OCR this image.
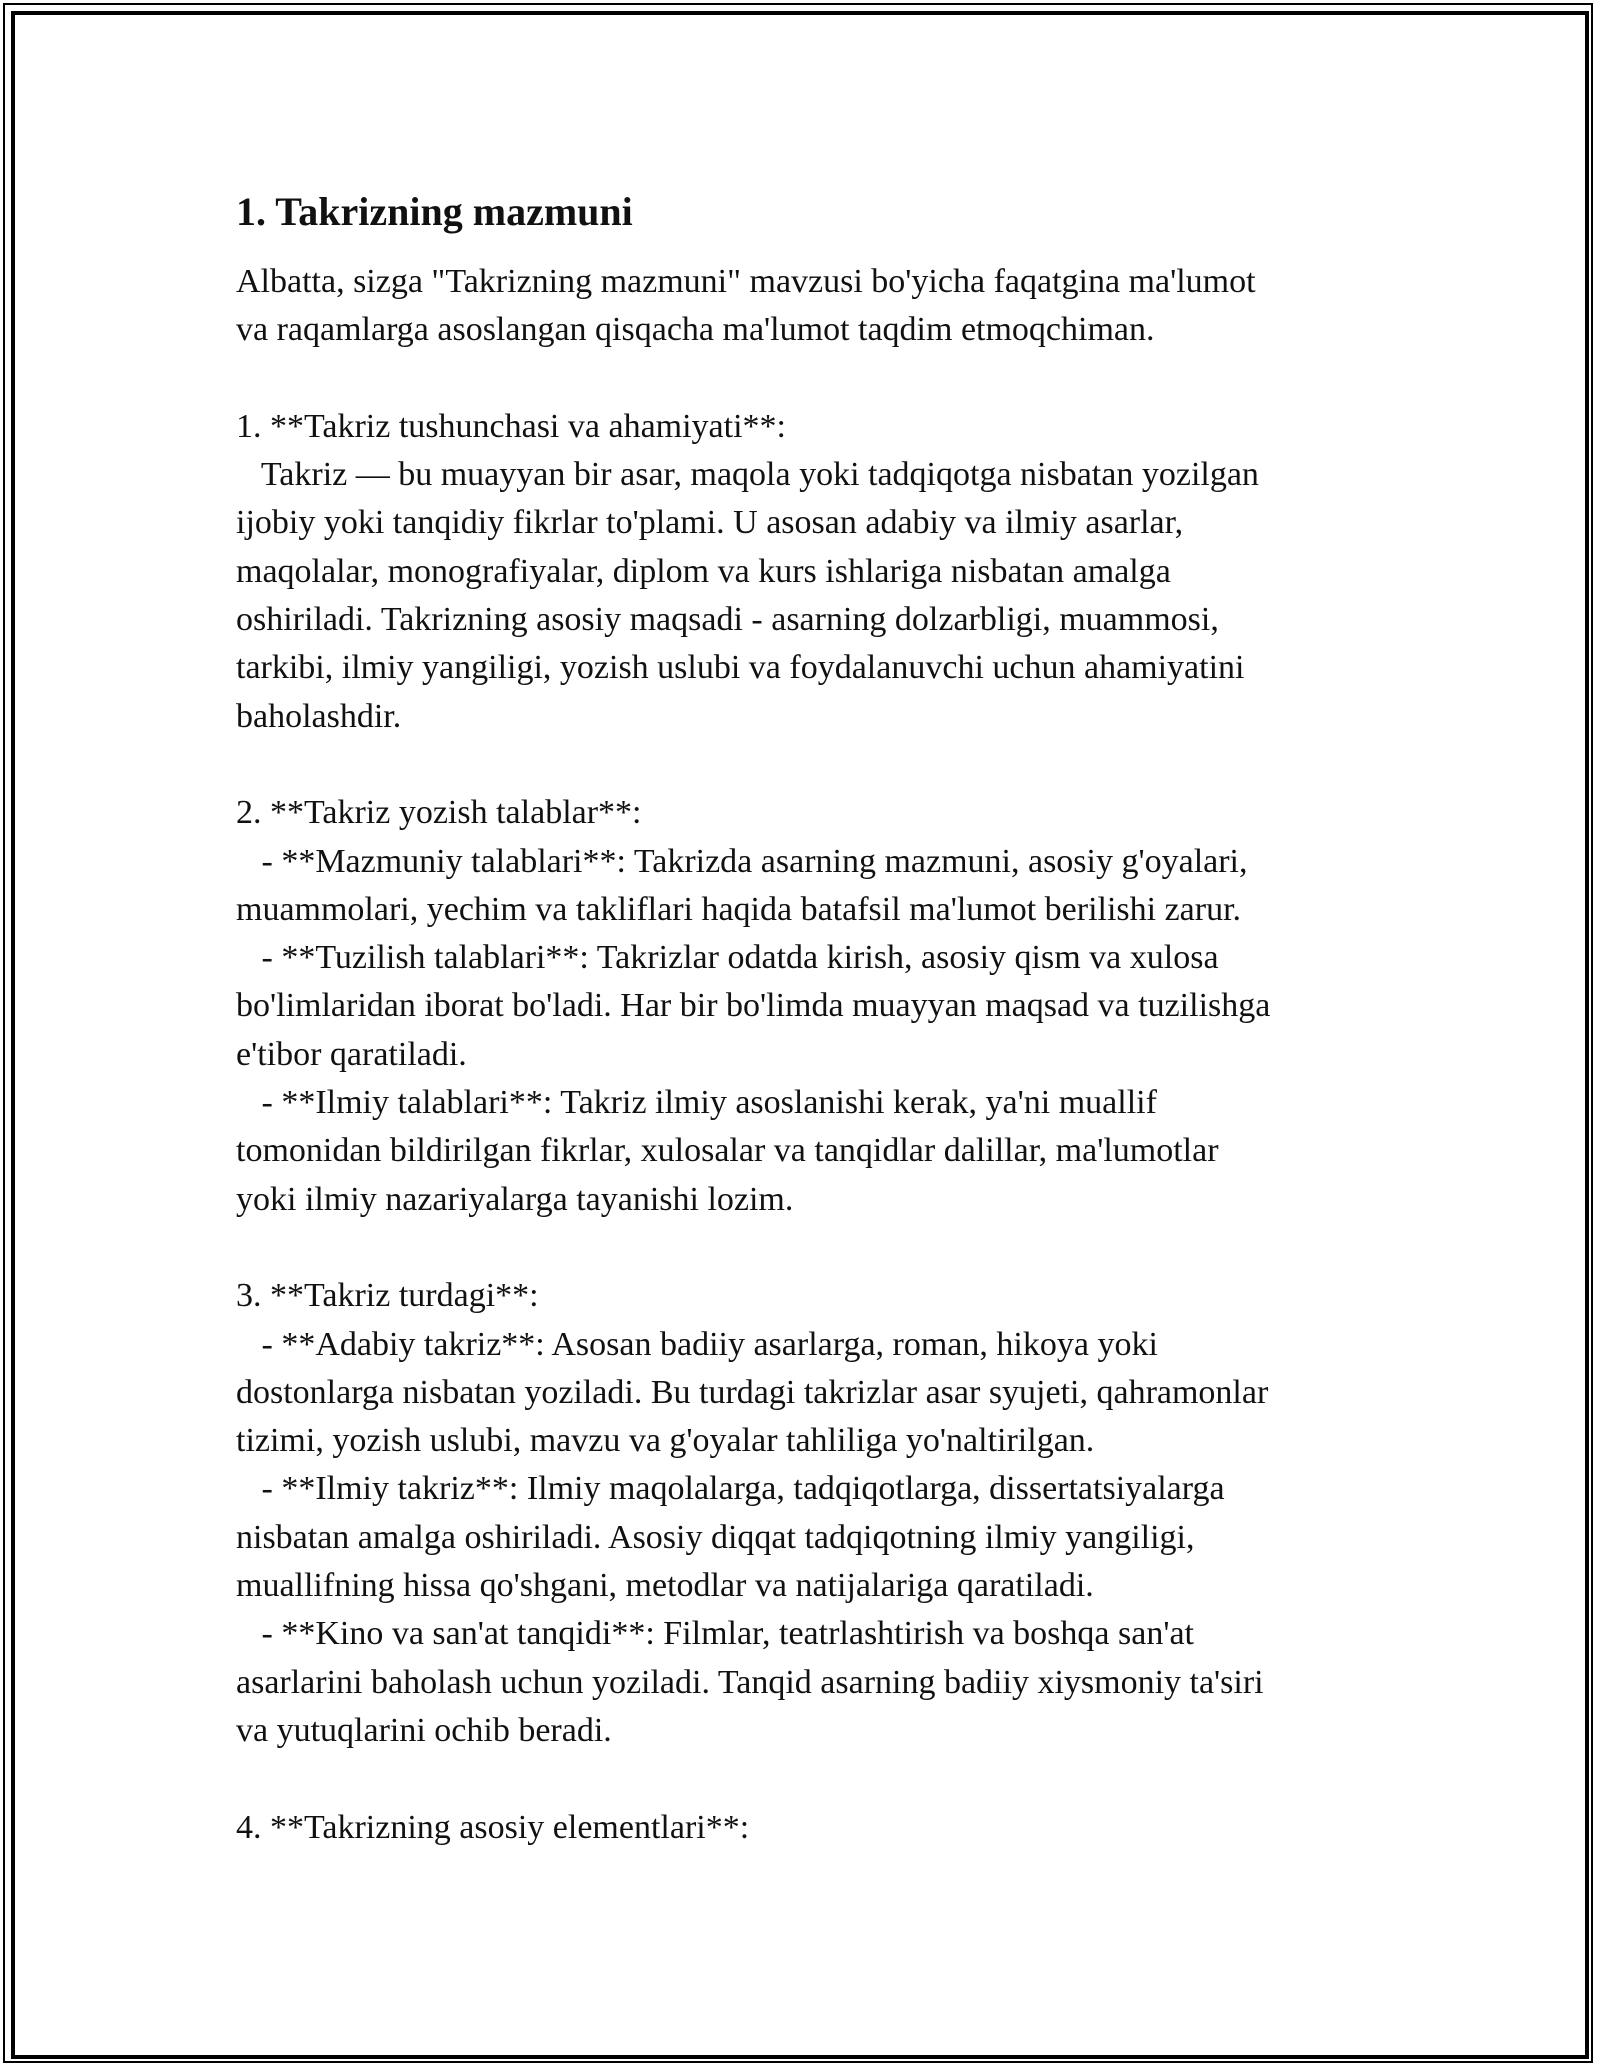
1. Takrizning mazmuni
Albatta, sizga "Takrizning mazmuni" mavzusi bo'yicha faqatgina ma'lumot
va raqamlarga asoslangan qisqacha ma'lumot taqdim etmoqchiman.
1. **Takriz tushunchasi va ahamiyati**:
Takriz — bu muayyan bir asar, maqola yoki tadqiqotga nisbatan yozilgan
ijobiy yoki tanqidiy fikrlar to'plami. U asosan adabiy va ilmiy asarlar,
maqolalar, monografiyalar, diplom va kurs ishlariga nisbatan amalga
oshiriladi. Takrizning asosiy maqsadi - asarning dolzarbligi, muammosi,
tarkibi, ilmiy yangiligi, yozish uslubi va foydalanuvchi uchun ahamiyatini
baholashdir.
2. **Takriz yozish talablar**:
- **Mazmuniy talablari**: Takrizda asarning mazmuni, asosiy g'oyalari,
muammolari, yechim va takliflari haqida batafsil ma'lumot berilishi zarur.
- **Tuzilish talablari**: Takrizlar odatda kirish, asosiy qism va xulosa
bo'limlaridan iborat bo'ladi. Har bir bo'limda muayyan maqsad va tuzilishga
e'tibor qaratiladi.
- **Ilmiy talablari**: Takriz ilmiy asoslanishi kerak, ya'ni muallif
tomonidan bildirilgan fikrlar, xulosalar va tanqidlar dalillar, ma'lumotlar
yoki ilmiy nazariyalarga tayanishi lozim.
3. **Takriz turdagi**:
- **Adabiy takriz**: Asosan badiiy asarlarga, roman, hikoya yoki
dostonlarga nisbatan yoziladi. Bu turdagi takrizlar asar syujeti, qahramonlar
tizimi, yozish uslubi, mavzu va g'oyalar tahliliga yo'naltirilgan.
- **Ilmiy takriz**: Ilmiy maqolalarga, tadqiqotlarga, dissertatsiyalarga
nisbatan amalga oshiriladi. Asosiy diqqat tadqiqotning ilmiy yangiligi,
muallifning hissa qo'shgani, metodlar va natijalariga qaratiladi.
- **Kino va san'at tanqidi**: Filmlar, teatrlashtirish va boshqa san'at
asarlarini baholash uchun yoziladi. Tanqid asarning badiiy xiysmoniy ta'siri
va yutuqlarini ochib beradi.
4. **Takrizning asosiy elementlari**:
